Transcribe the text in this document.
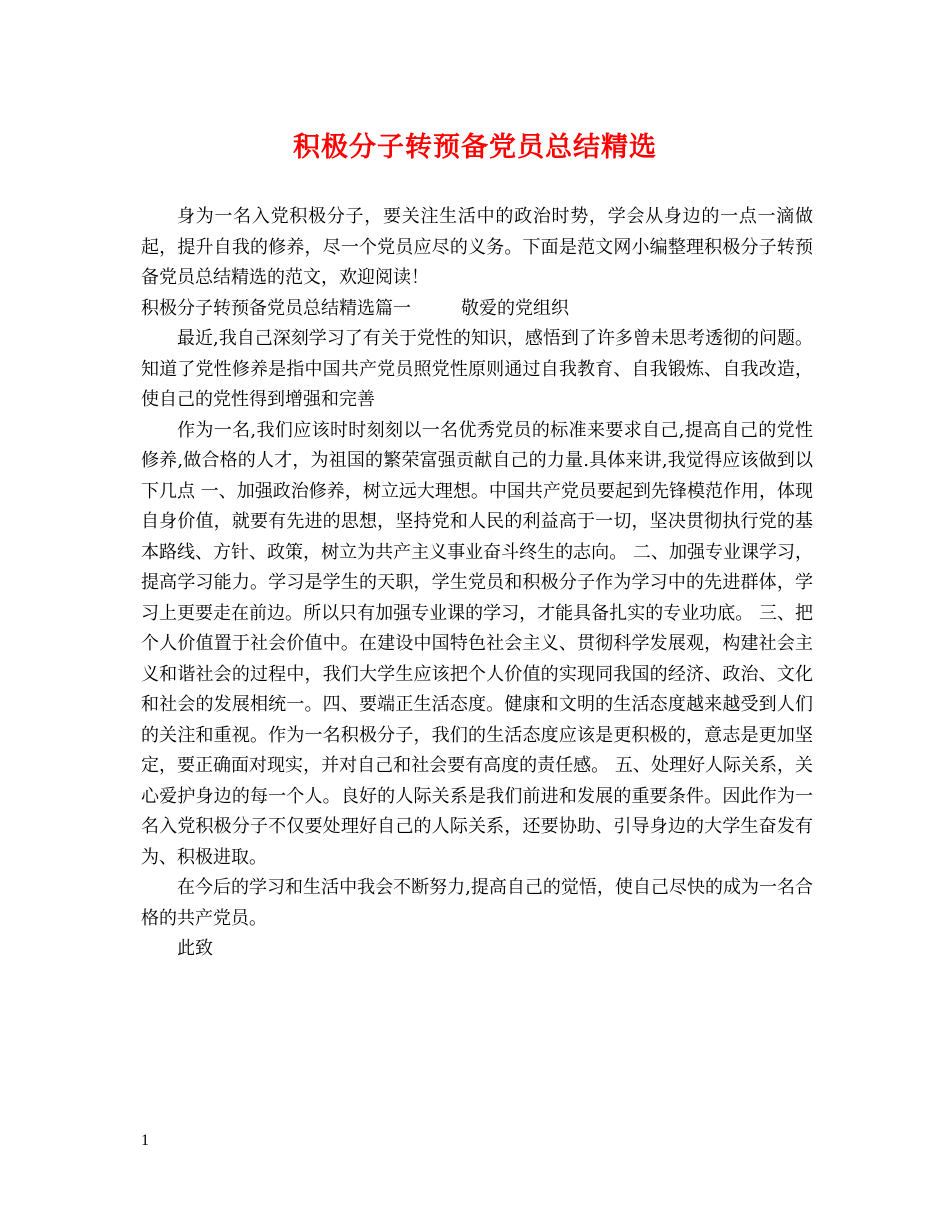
积极分子转预备党员总结精选

身为一名入党积极分子，要关注生活中的政治时势，学会从身边的一点一滴做起，提升自我的修养，尽一个党员应尽的义务。下面是范文网小编整理积极分子转预备党员总结精选的范文，欢迎阅读！

积极分子转预备党员总结精选篇一	敬爱的党组织

最近,我自己深刻学习了有关于党性的知识，感悟到了许多曾未思考透彻的问题。知道了党性修养是指中国共产党员照党性原则通过自我教育、自我锻炼、自我改造，使自己的党性得到增强和完善

作为一名,我们应该时时刻刻以一名优秀党员的标准来要求自己,提高自己的党性修养,做合格的人才，为祖国的繁荣富强贡献自己的力量.具体来讲,我觉得应该做到以下几点 一、加强政治修养，树立远大理想。中国共产党员要起到先锋模范作用，体现自身价值，就要有先进的思想，坚持党和人民的利益高于一切，坚决贯彻执行党的基本路线、方针、政策，树立为共产主义事业奋斗终生的志向。 二、加强专业课学习，提高学习能力。学习是学生的天职，学生党员和积极分子作为学习中的先进群体，学习上更要走在前边。所以只有加强专业课的学习，才能具备扎实的专业功底。 三、把个人价值置于社会价值中。在建设中国特色社会主义、贯彻科学发展观，构建社会主义和谐社会的过程中，我们大学生应该把个人价值的实现同我国的经济、政治、文化和社会的发展相统一。四、要端正生活态度。健康和文明的生活态度越来越受到人们的关注和重视。作为一名积极分子，我们的生活态度应该是更积极的，意志是更加坚定，要正确面对现实，并对自己和社会要有高度的责任感。 五、处理好人际关系，关心爱护身边的每一个人。良好的人际关系是我们前进和发展的重要条件。因此作为一名入党积极分子不仅要处理好自己的人际关系，还要协助、引导身边的大学生奋发有为、积极进取。

在今后的学习和生活中我会不断努力,提高自己的觉悟，使自己尽快的成为一名合格的共产党员。

此致

1
